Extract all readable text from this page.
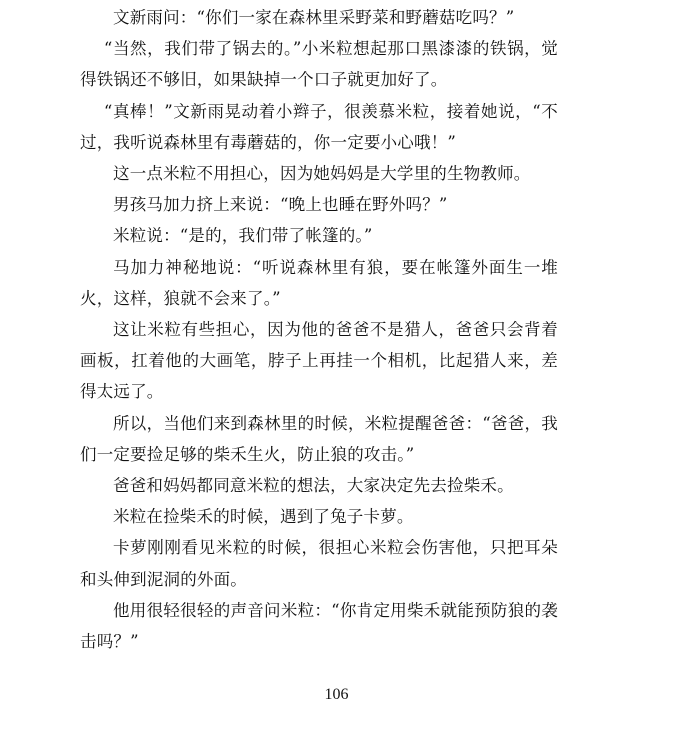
文新雨问：“你们一家在森林里采野菜和野蘑菇吃吗？”

“当然，我们带了锅去的。”小米粒想起那口黑漆漆的铁锅，觉得铁锅还不够旧，如果缺掉一个口子就更加好了。

“真棒！”文新雨晃动着小辫子，很羡慕米粒，接着她说，“不过，我听说森林里有毒蘑菇的，你一定要小心哦！”

这一点米粒不用担心，因为她妈妈是大学里的生物教师。

男孩马加力挤上来说：“晚上也睡在野外吗？”

米粒说：“是的，我们带了帐篷的。”

马加力神秘地说：“听说森林里有狼，要在帐篷外面生一堆火，这样，狼就不会来了。”

这让米粒有些担心，因为他的爸爸不是猎人，爸爸只会背着画板，扛着他的大画笔，脖子上再挂一个相机，比起猎人来，差得太远了。

所以，当他们来到森林里的时候，米粒提醒爸爸：“爸爸，我们一定要捡足够的柴禾生火，防止狼的攻击。”

爸爸和妈妈都同意米粒的想法，大家决定先去捡柴禾。

米粒在捡柴禾的时候，遇到了兔子卡萝。

卡萝刚刚看见米粒的时候，很担心米粒会伤害他，只把耳朵和头伸到泥洞的外面。

他用很轻很轻的声音问米粒：“你肯定用柴禾就能预防狼的袭击吗？”

106
